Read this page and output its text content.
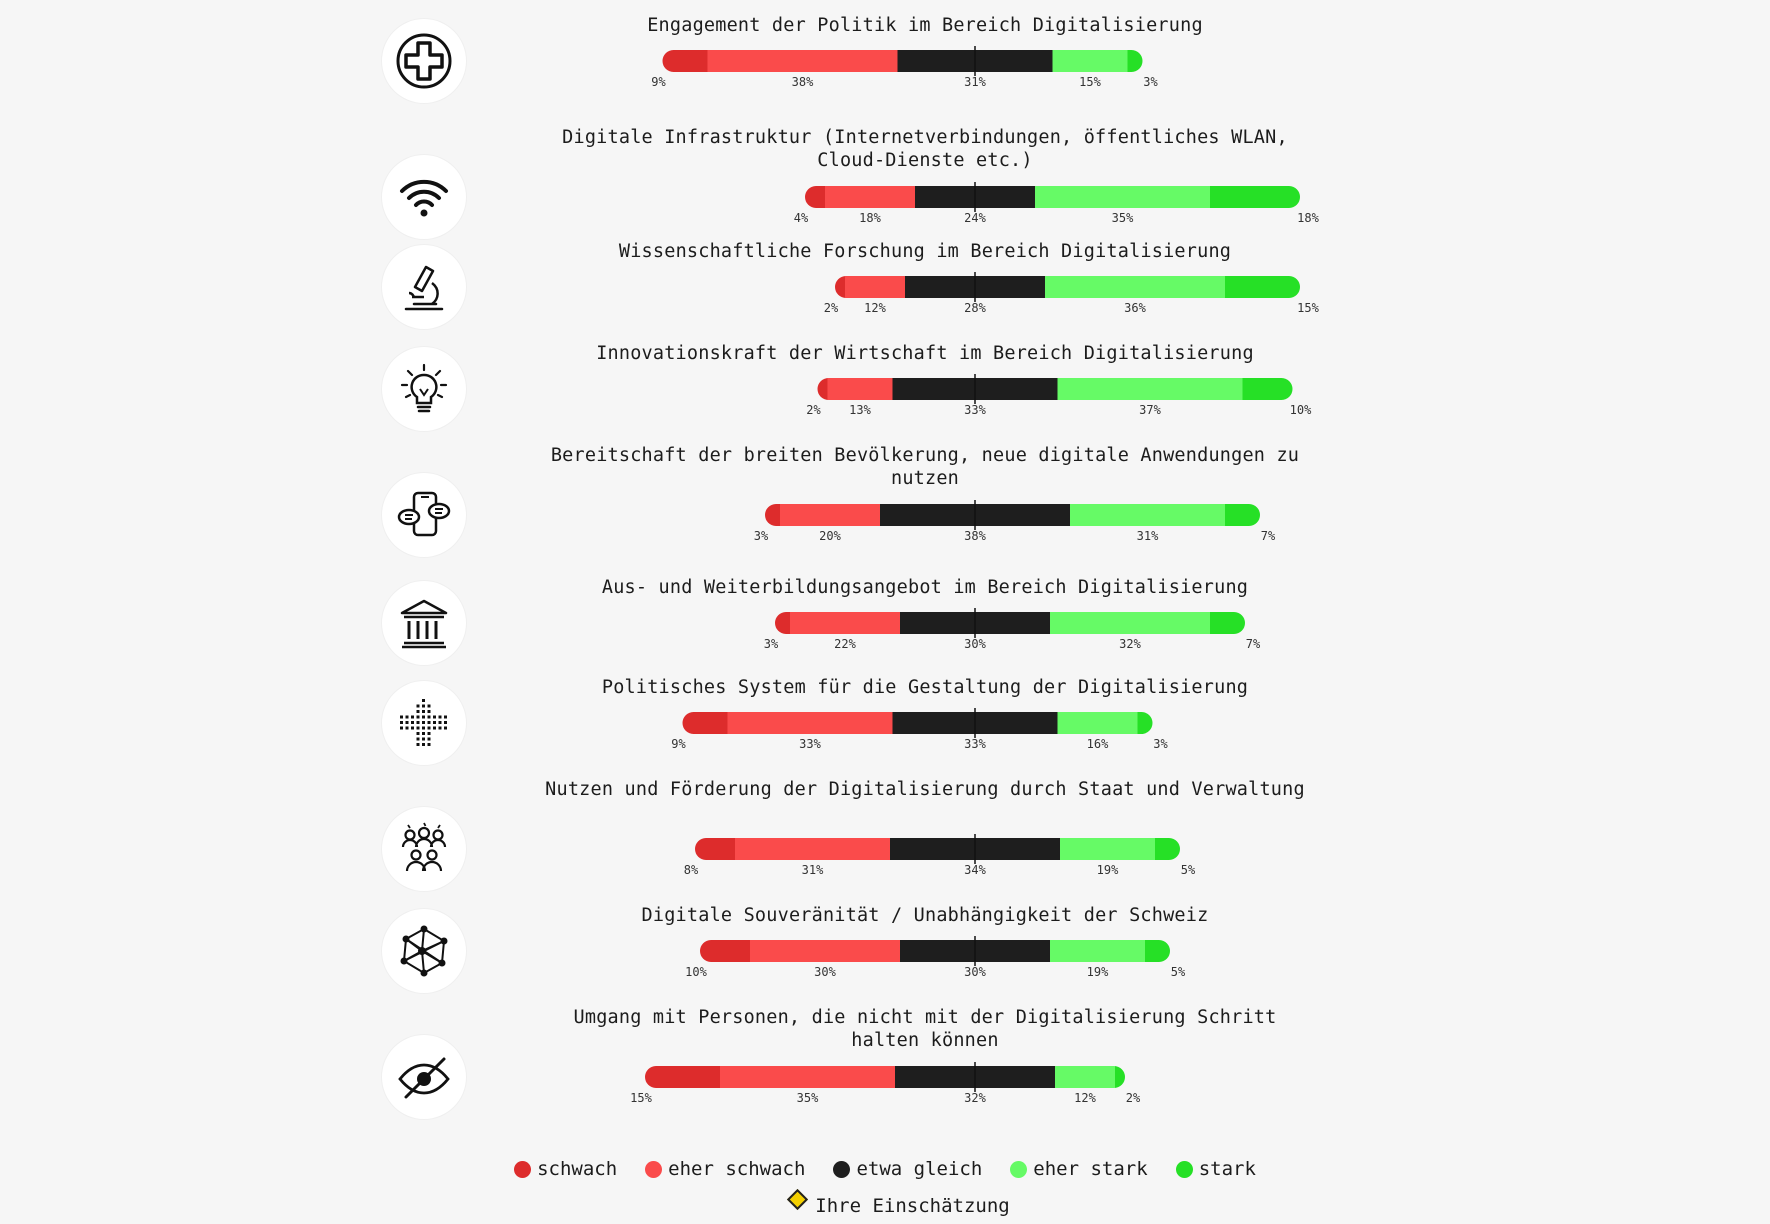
Engagement der Politik im Bereich Digitalisierung
9%	38%	31%	15%	3%
Digitale Infrastruktur (Internetverbindungen, öffentliches WLAN, Cloud-Dienste etc.)
4%	18%	24%	35%	18%
Wissenschaftliche Forschung im Bereich Digitalisierung
2% 12%	28%	36%	15%
Innovationskraft der Wirtschaft im Bereich Digitalisierung
2% 13%	33%	37%	10%
Bereitschaft der breiten Bevölkerung, neue digitale Anwendungen zu nutzen
3%	20%	38%	31%	7%
Aus- und Weiterbildungsangebot im Bereich Digitalisierung
3%	22%	30%	32%	7%
Politisches System für die Gestaltung der Digitalisierung
9%	33%	33%	16%	3%
Nutzen und Förderung der Digitalisierung durch Staat und Verwaltung
8%	31%	34%	19%	5%
Digitale Souveränität / Unabhängigkeit der Schweiz
10%	30%	30%	19%	5%
Umgang mit Personen, die nicht mit der Digitalisierung Schritt halten können
15%	35%	32%	12% 2%
schwach	eher schwach	etwa gleich	eher stark	stark
Ihre Einschätzung
